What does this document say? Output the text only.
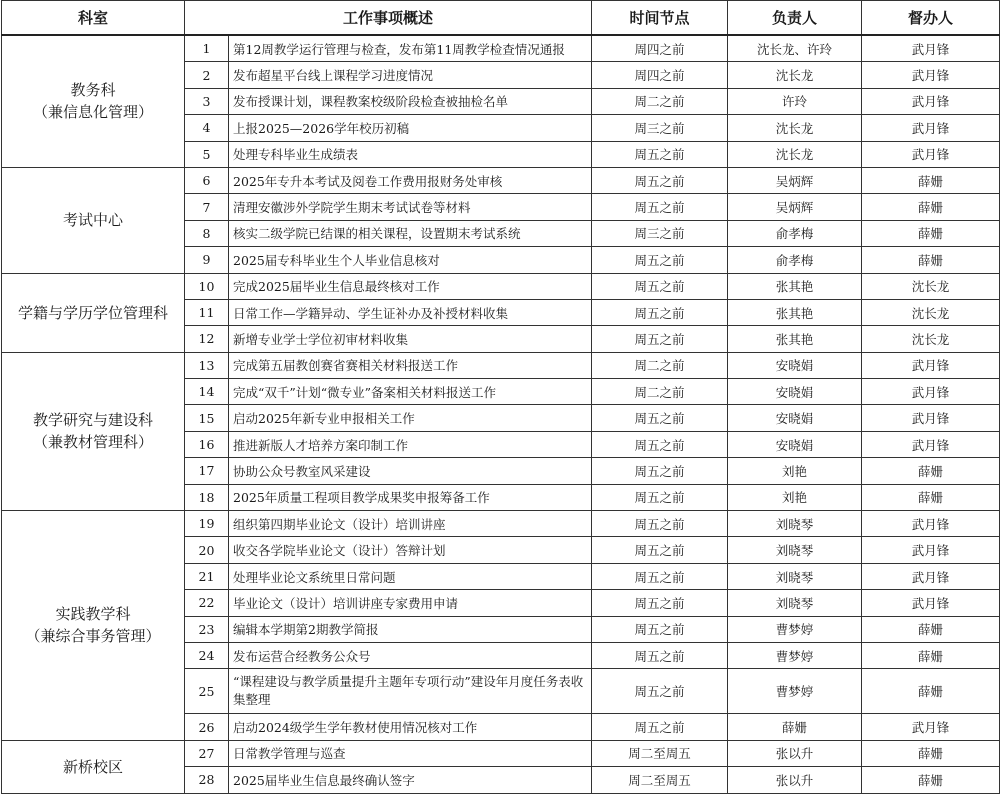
科室	工作事项概述		时间节点	负责人	督办人

教务科
（兼信息化管理）	1	第12周教学运行管理与检查，发布第11周教学检查情况通报	周四之前	沈长龙、许玲	武月锋
	2	发布超星平台线上课程学习进度情况	周四之前	沈长龙	武月锋
	3	发布授课计划，课程教案校级阶段检查被抽检名单	周二之前	许玲	武月锋
	4	上报2025—2026学年校历初稿	周三之前	沈长龙	武月锋
	5	处理专科毕业生成绩表	周五之前	沈长龙	武月锋

考试中心	6	2025年专升本考试及阅卷工作费用报财务处审核	周五之前	吴炳辉	薛姗
	7	清理安徽涉外学院学生期末考试试卷等材料	周五之前	吴炳辉	薛姗
	8	核实二级学院已结课的相关课程，设置期末考试系统	周三之前	俞孝梅	薛姗
	9	2025届专科毕业生个人毕业信息核对	周五之前	俞孝梅	薛姗

学籍与学历学位管理科	10	完成2025届毕业生信息最终核对工作	周五之前	张其艳	沈长龙
	11	日常工作—学籍异动、学生证补办及补授材料收集	周五之前	张其艳	沈长龙
	12	新增专业学士学位初审材料收集	周五之前	张其艳	沈长龙

教学研究与建设科
（兼教材管理科）	13	完成第五届教创赛省赛相关材料报送工作	周二之前	安晓娟	武月锋
	14	完成“双千”计划“微专业”备案相关材料报送工作	周二之前	安晓娟	武月锋
	15	启动2025年新专业申报相关工作	周五之前	安晓娟	武月锋
	16	推进新版人才培养方案印制工作	周五之前	安晓娟	武月锋
	17	协助公众号教室风采建设	周五之前	刘艳	薛姗
	18	2025年质量工程项目教学成果奖申报筹备工作	周五之前	刘艳	薛姗

实践教学科
（兼综合事务管理）	19	组织第四期毕业论文（设计）培训讲座	周五之前	刘晓琴	武月锋
	20	收交各学院毕业论文（设计）答辩计划	周五之前	刘晓琴	武月锋
	21	处理毕业论文系统里日常问题	周五之前	刘晓琴	武月锋
	22	毕业论文（设计）培训讲座专家费用申请	周五之前	刘晓琴	武月锋
	23	编辑本学期第2期教学简报	周五之前	曹梦婷	薛姗
	24	发布运营合经教务公众号	周五之前	曹梦婷	薛姗
	25	“课程建设与教学质量提升主题年专项行动”建设年月度任务表收集整理	周五之前	曹梦婷	薛姗
	26	启动2024级学生学年教材使用情况核对工作	周五之前	薛姗	武月锋

新桥校区	27	日常教学管理与巡查	周二至周五	张以升	薛姗
	28	2025届毕业生信息最终确认签字	周二至周五	张以升	薛姗
